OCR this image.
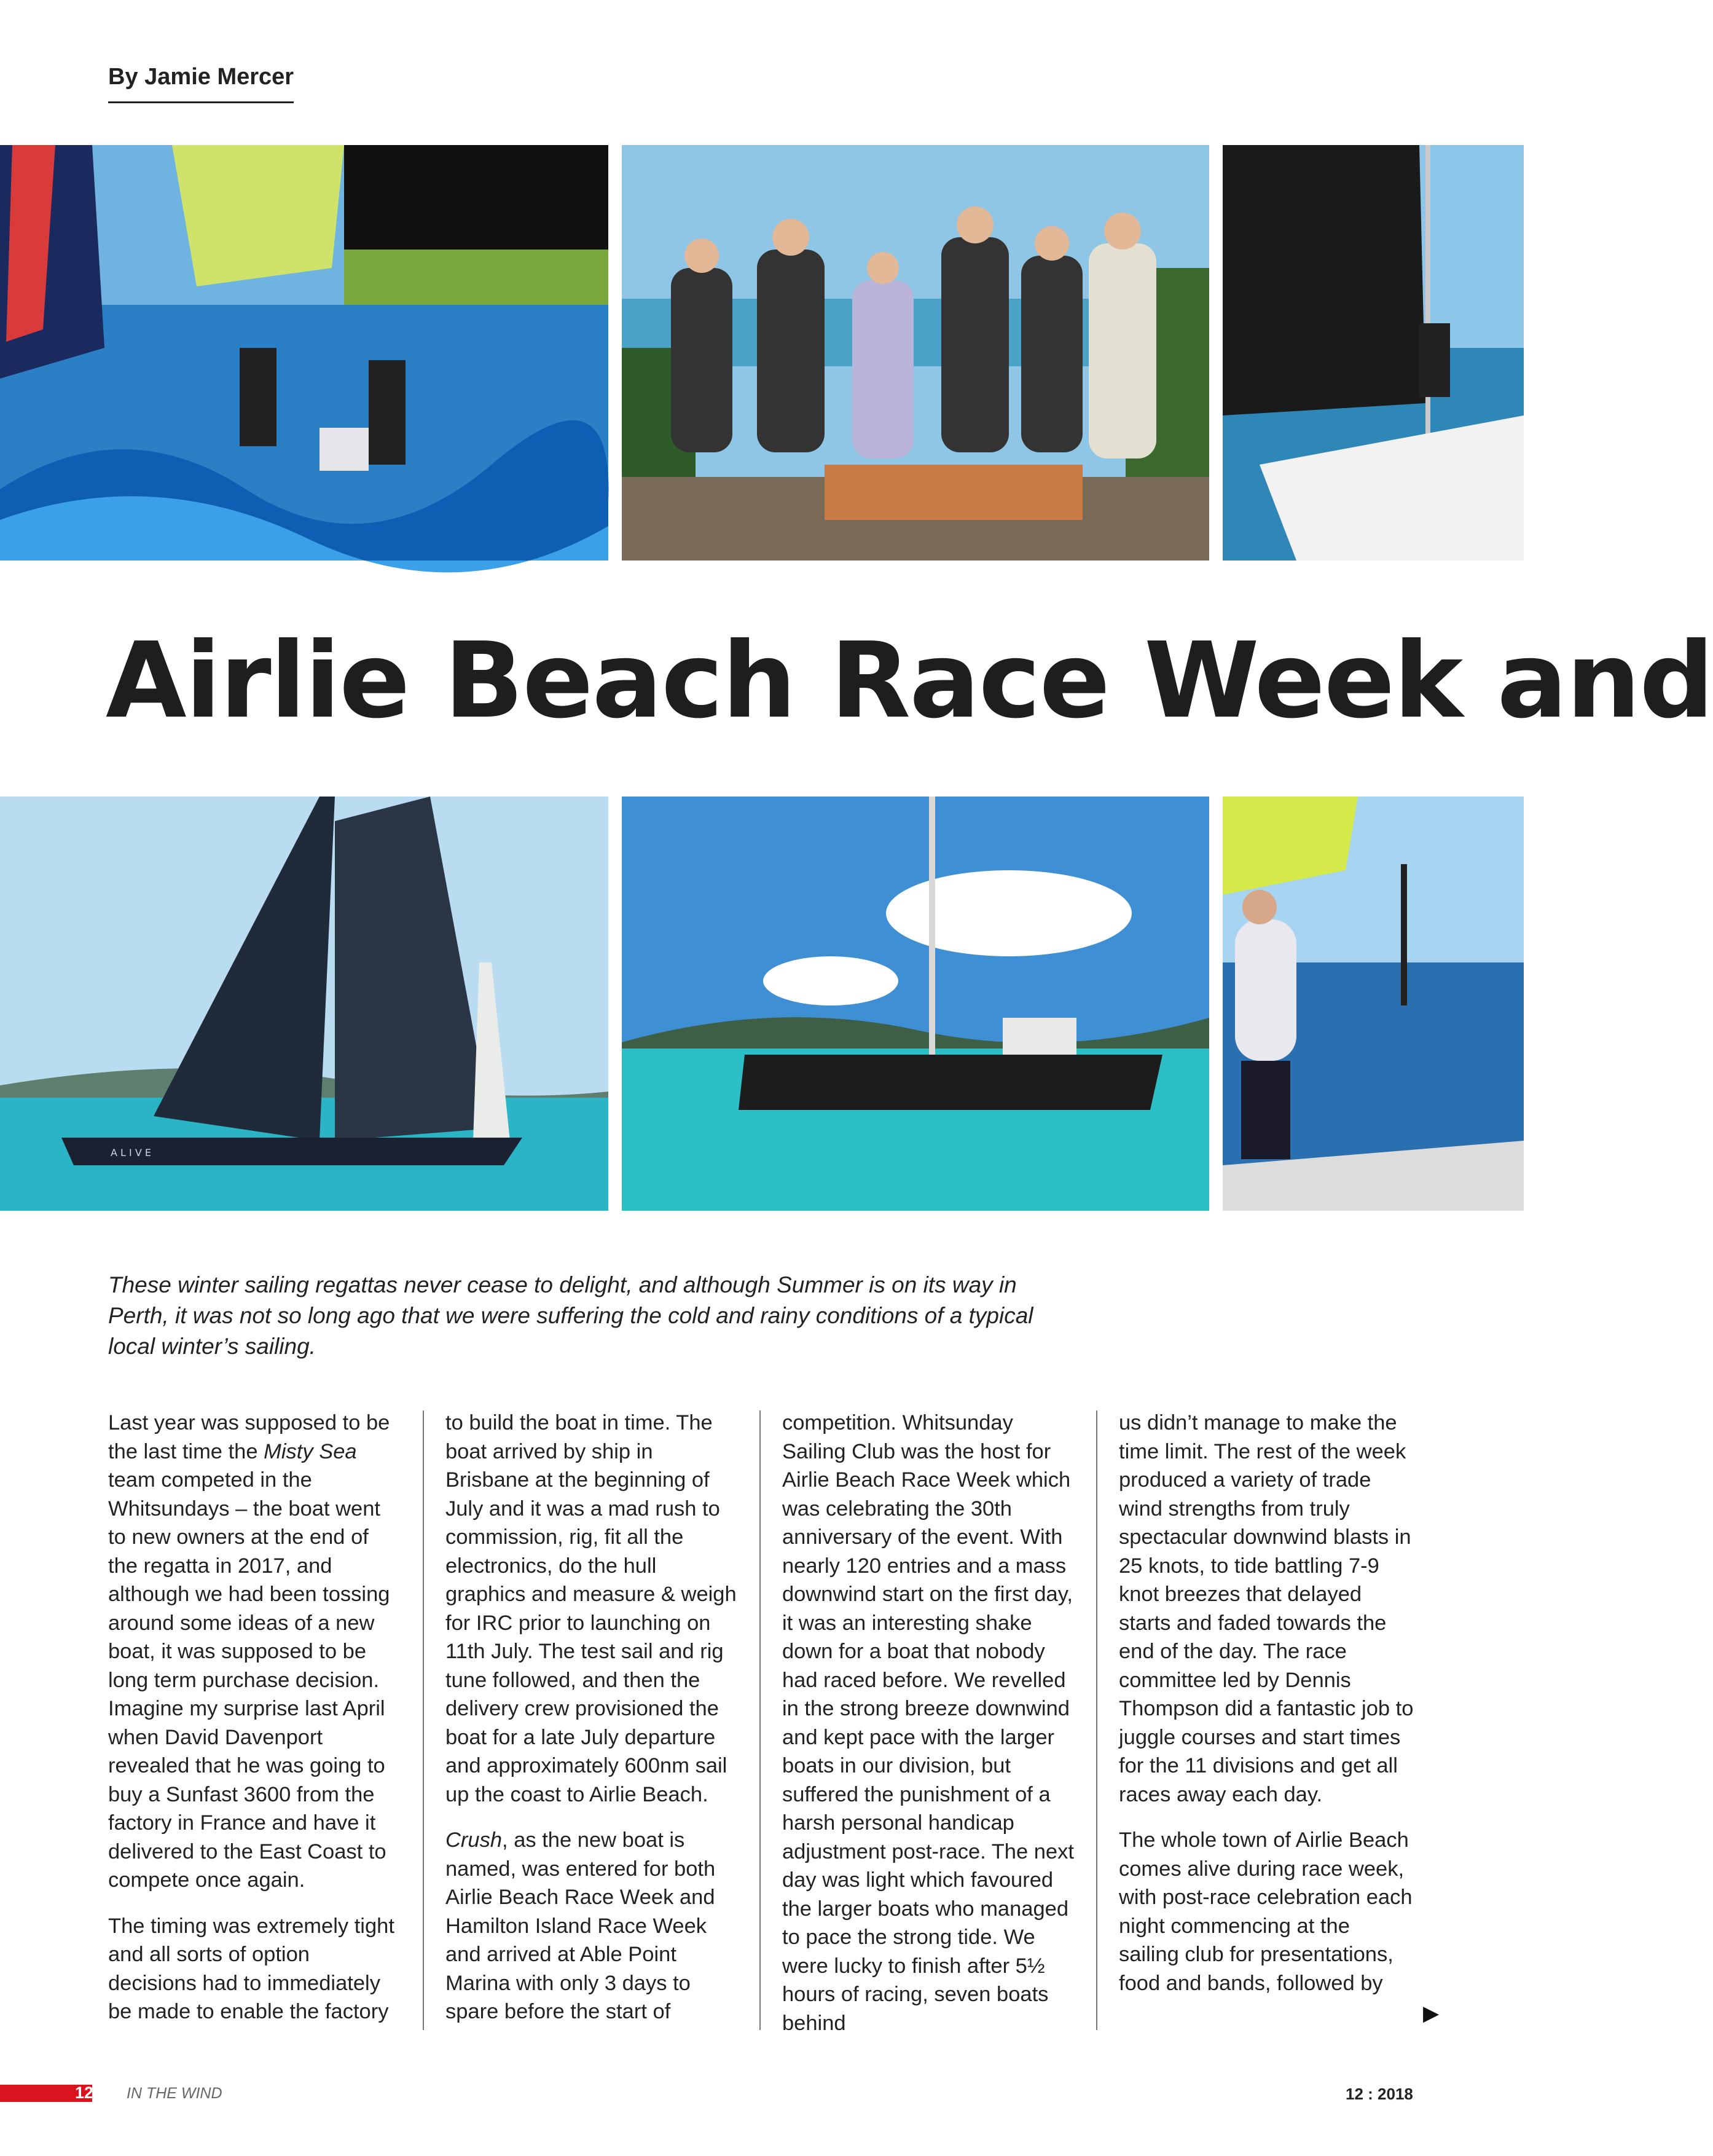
By Jamie Mercer
Airlie Beach Race Week and
A L I V E

These winter sailing regattas never cease to delight, and although Summer is on its way in Perth, it was not so long ago that we were suffering the cold and rainy conditions of a typical local winter’s sailing.

Last year was supposed to be the last time the Misty Sea team competed in the Whitsundays – the boat went to new owners at the end of the regatta in 2017, and although we had been tossing around some ideas of a new boat, it was supposed to be long term purchase decision. Imagine my surprise last April when David Davenport revealed that he was going to buy a Sunfast 3600 from the factory in France and have it delivered to the East Coast to compete once again.

The timing was extremely tight and all sorts of option decisions had to immediately be made to enable the factory

to build the boat in time. The boat arrived by ship in Brisbane at the beginning of July and it was a mad rush to commission, rig, fit all the electronics, do the hull graphics and measure & weigh for IRC prior to launching on 11th July. The test sail and rig tune followed, and then the delivery crew provisioned the boat for a late July departure and approximately 600nm sail up the coast to Airlie Beach.

Crush, as the new boat is named, was entered for both Airlie Beach Race Week and Hamilton Island Race Week and arrived at Able Point Marina with only 3 days to spare before the start of

competition. Whitsunday Sailing Club was the host for Airlie Beach Race Week which was celebrating the 30th anniversary of the event. With nearly 120 entries and a mass downwind start on the first day, it was an interesting shake down for a boat that nobody had raced before. We revelled in the strong breeze downwind and kept pace with the larger boats in our division, but suffered the punishment of a harsh personal handicap adjustment post-race. The next day was light which favoured the larger boats who managed to pace the strong tide. We were lucky to finish after 5½ hours of racing, seven boats behind

us didn’t manage to make the time limit. The rest of the week produced a variety of trade wind strengths from truly spectacular downwind blasts in 25 knots, to tide battling 7-9 knot breezes that delayed starts and faded towards the end of the day. The race committee led by Dennis Thompson did a fantastic job to juggle courses and start times for the 11 divisions and get all races away each day.

The whole town of Airlie Beach comes alive during race week, with post-race celebration each night commencing at the sailing club for presentations, food and bands, followed by

▶
12 IN THE WIND	12 : 2018
